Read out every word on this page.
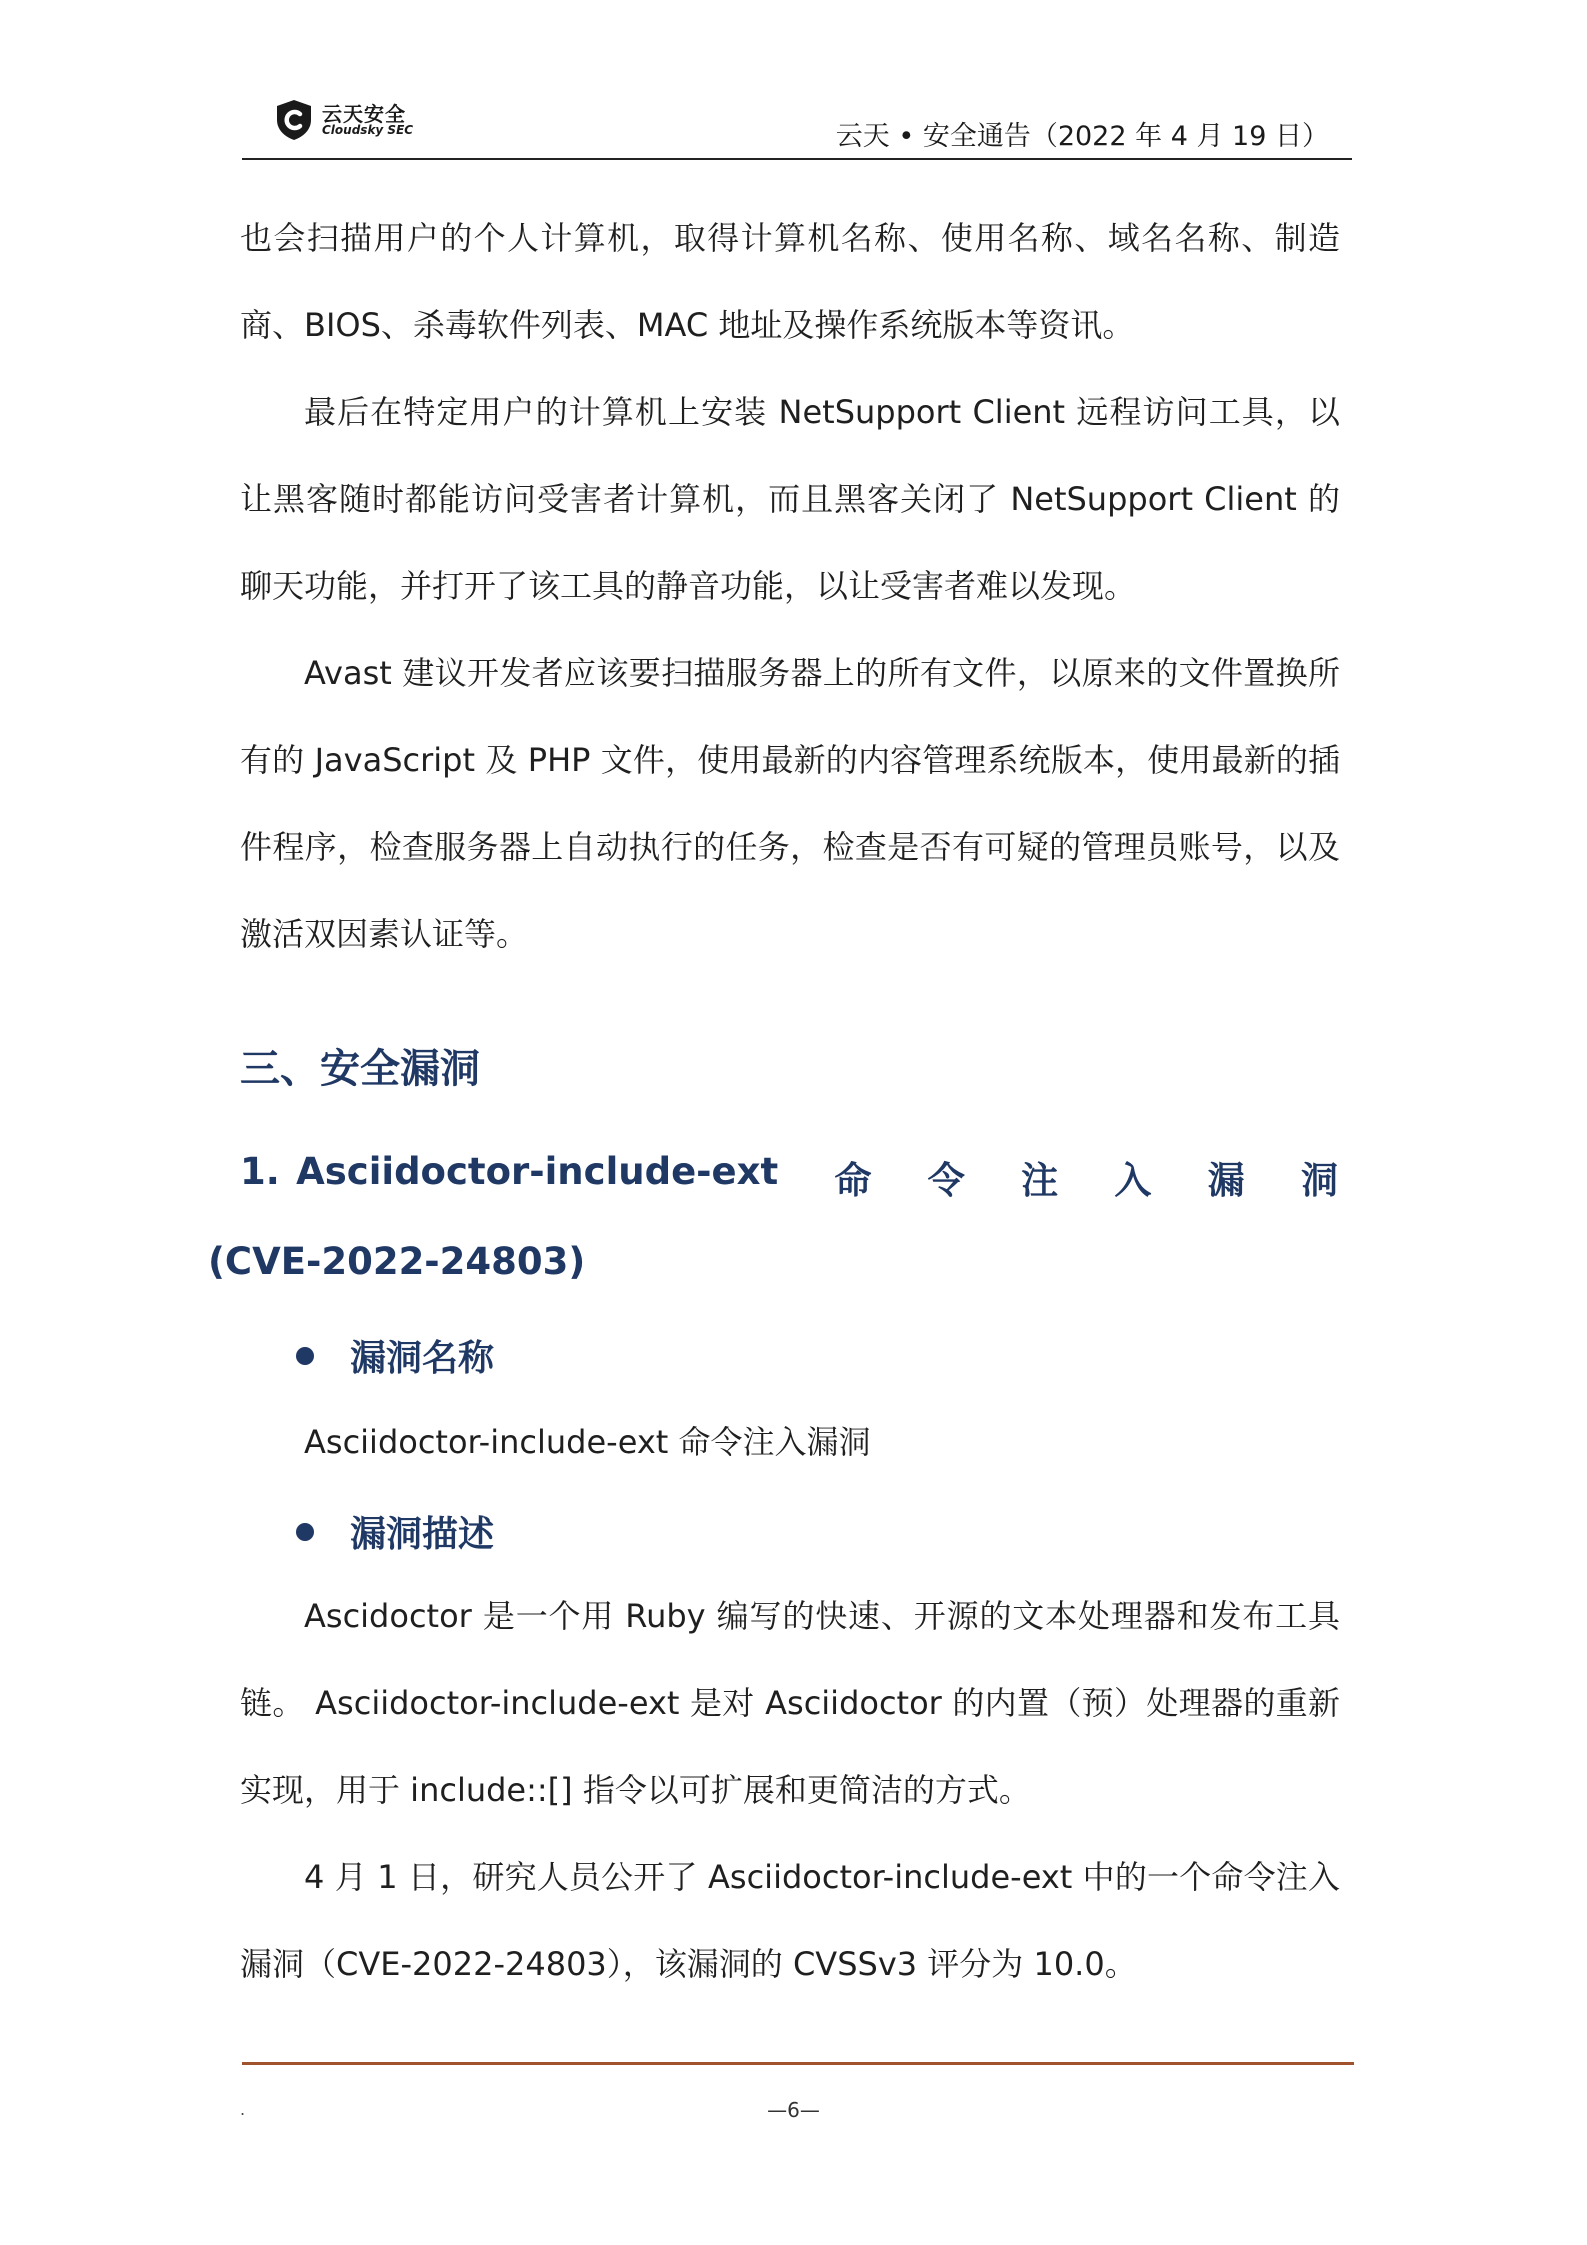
云天安全
Cloudsky SEC	云天 • 安全通告（2022 年 4 月 19 日）

也会扫描用户的个人计算机，取得计算机名称、使用名称、域名名称、制造商、BIOS、杀毒软件列表、MAC 地址及操作系统版本等资讯。

最后在特定用户的计算机上安装 NetSupport Client 远程访问工具，以让黑客随时都能访问受害者计算机，而且黑客关闭了 NetSupport Client 的聊天功能，并打开了该工具的静音功能，以让受害者难以发现。

Avast 建议开发者应该要扫描服务器上的所有文件，以原来的文件置换所有的 JavaScript 及 PHP 文件，使用最新的内容管理系统版本，使用最新的插件程序，检查服务器上自动执行的任务，检查是否有可疑的管理员账号，以及激活双因素认证等。

三、安全漏洞
1. Asciidoctor-include-ext 命 令 注 入 漏 洞
(CVE-2022-24803)
漏洞名称

Asciidoctor-include-ext 命令注入漏洞

漏洞描述

Ascidoctor 是一个用 Ruby 编写的快速、开源的文本处理器和发布工具链。 Asciidoctor-include-ext 是对 Asciidoctor 的内置（预）处理器的重新实现，用于 include::[] 指令以可扩展和更简洁的方式。

4 月 1 日，研究人员公开了 Asciidoctor-include-ext 中的一个命令注入漏洞（CVE-2022-24803），该漏洞的 CVSSv3 评分为 10.0。

.	—6—
